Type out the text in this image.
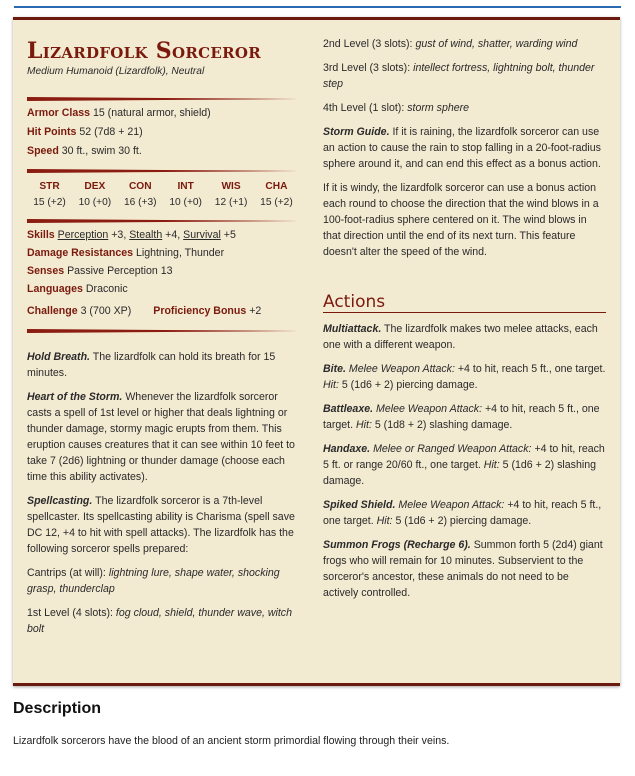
Lizardfolk Sorceror
Medium Humanoid (Lizardfolk), Neutral
Armor Class 15 (natural armor, shield)
Hit Points 52 (7d8 + 21)
Speed 30 ft., swim 30 ft.
STR
15 (+2)
DEX
10 (+0)
CON
16 (+3)
INT
10 (+0)
WIS
12 (+1)
CHA
15 (+2)
Skills Perception +3, Stealth +4, Survival +5
Damage Resistances Lightning, Thunder
Senses Passive Perception 13
Languages Draconic
Challenge 3 (700 XP) Proficiency Bonus +2

Hold Breath. The lizardfolk can hold its breath for 15 minutes.

Heart of the Storm. Whenever the lizardfolk sorceror casts a spell of 1st level or higher that deals lightning or thunder damage, stormy magic erupts from them. This eruption causes creatures that it can see within 10 feet to take 7 (2d6) lightning or thunder damage (choose each time this ability activates).

Spellcasting. The lizardfolk sorceror is a 7th-level spellcaster. Its spellcasting ability is Charisma (spell save DC 12, +4 to hit with spell attacks). The lizardfolk has the following sorceror spells prepared:

Cantrips (at will): lightning lure, shape water, shocking grasp, thunderclap

1st Level (4 slots): fog cloud, shield, thunder wave, witch bolt

2nd Level (3 slots): gust of wind, shatter, warding wind

3rd Level (3 slots): intellect fortress, lightning bolt, thunder step

4th Level (1 slot): storm sphere

Storm Guide. If it is raining, the lizardfolk sorceror can use an action to cause the rain to stop falling in a 20-foot-radius sphere around it, and can end this effect as a bonus action.

If it is windy, the lizardfolk sorceror can use a bonus action each round to choose the direction that the wind blows in a 100-foot-radius sphere centered on it. The wind blows in that direction until the end of its next turn. This feature doesn't alter the speed of the wind.

Actions

Multiattack. The lizardfolk makes two melee attacks, each one with a different weapon.

Bite. Melee Weapon Attack: +4 to hit, reach 5 ft., one target. Hit: 5 (1d6 + 2) piercing damage.

Battleaxe. Melee Weapon Attack: +4 to hit, reach 5 ft., one target. Hit: 5 (1d8 + 2) slashing damage.

Handaxe. Melee or Ranged Weapon Attack: +4 to hit, reach 5 ft. or range 20/60 ft., one target. Hit: 5 (1d6 + 2) slashing damage.

Spiked Shield. Melee Weapon Attack: +4 to hit, reach 5 ft., one target. Hit: 5 (1d6 + 2) piercing damage.

Summon Frogs (Recharge 6). Summon forth 5 (2d4) giant frogs who will remain for 10 minutes. Subservient to the sorceror's ancestor, these animals do not need to be actively controlled.

Description
Lizardfolk sorcerors have the blood of an ancient storm primordial flowing through their veins.
